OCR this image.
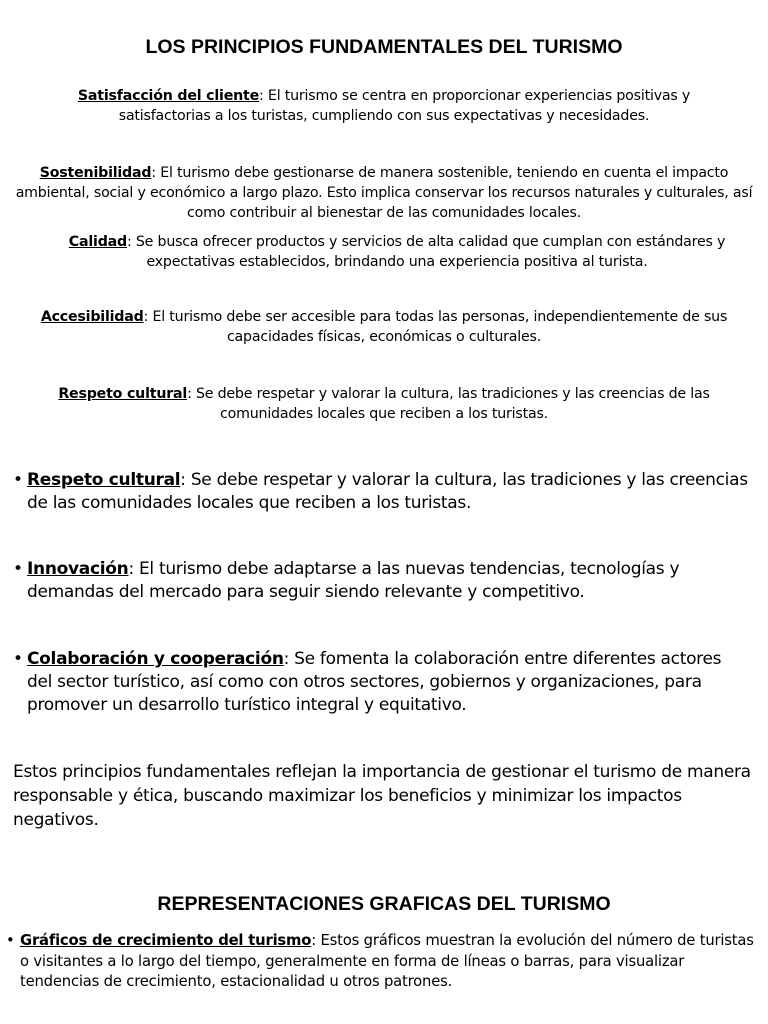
LOS PRINCIPIOS FUNDAMENTALES DEL TURISMO
Satisfacción del cliente: El turismo se centra en proporcionar experiencias positivas y satisfactorias a los turistas, cumpliendo con sus expectativas y necesidades.
Sostenibilidad: El turismo debe gestionarse de manera sostenible, teniendo en cuenta el impacto ambiental, social y económico a largo plazo. Esto implica conservar los recursos naturales y culturales, así como contribuir al bienestar de las comunidades locales.
Calidad: Se busca ofrecer productos y servicios de alta calidad que cumplan con estándares y expectativas establecidos, brindando una experiencia positiva al turista.
Accesibilidad: El turismo debe ser accesible para todas las personas, independientemente de sus capacidades físicas, económicas o culturales.
Respeto cultural: Se debe respetar y valorar la cultura, las tradiciones y las creencias de las comunidades locales que reciben a los turistas.
• Respeto cultural: Se debe respetar y valorar la cultura, las tradiciones y las creencias de las comunidades locales que reciben a los turistas.
• Innovación: El turismo debe adaptarse a las nuevas tendencias, tecnologías y demandas del mercado para seguir siendo relevante y competitivo.
• Colaboración y cooperación: Se fomenta la colaboración entre diferentes actores del sector turístico, así como con otros sectores, gobiernos y organizaciones, para promover un desarrollo turístico integral y equitativo.
Estos principios fundamentales reflejan la importancia de gestionar el turismo de manera responsable y ética, buscando maximizar los beneficios y minimizar los impactos negativos.
REPRESENTACIONES GRAFICAS DEL TURISMO
• Gráficos de crecimiento del turismo: Estos gráficos muestran la evolución del número de turistas o visitantes a lo largo del tiempo, generalmente en forma de líneas o barras, para visualizar tendencias de crecimiento, estacionalidad u otros patrones.
